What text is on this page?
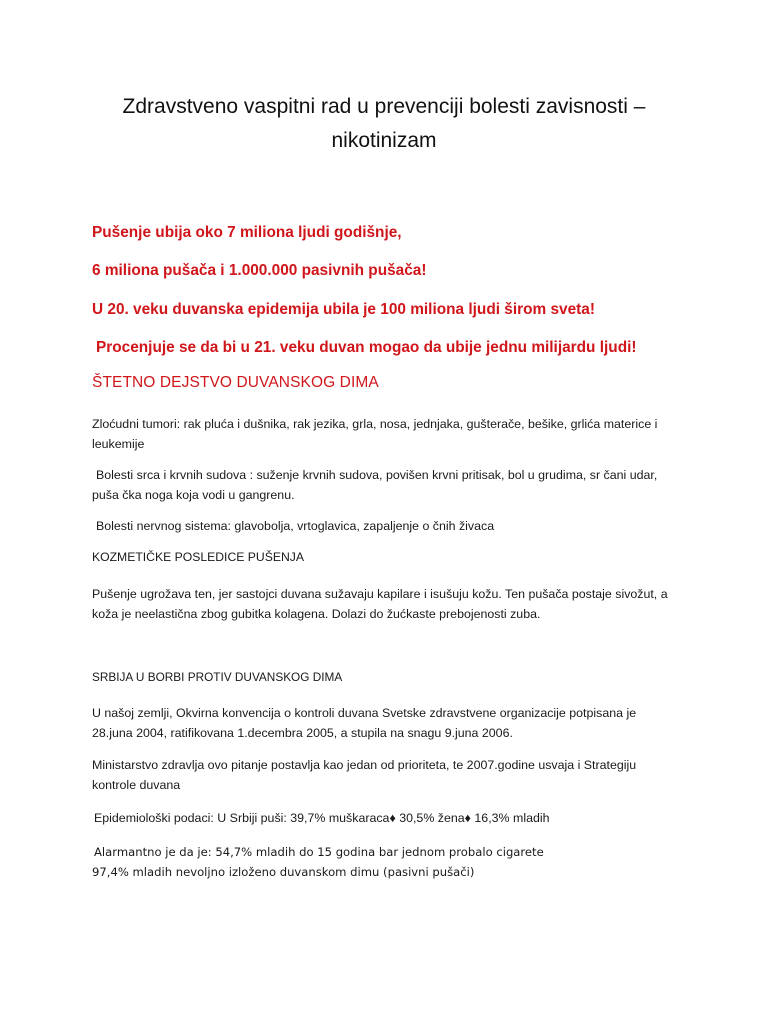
Zdravstveno vaspitni rad u prevenciji bolesti zavisnosti –
nikotinizam

Pušenje ubija oko 7 miliona ljudi godišnje,

6 miliona pušača i 1.000.000 pasivnih pušača!

U 20. veku duvanska epidemija ubila je 100 miliona ljudi širom sveta!

Procenjuje se da bi u 21. veku duvan mogao da ubije jednu milijardu ljudi!

ŠTETNO DEJSTVO DUVANSKOG DIMA

Zloćudni tumori: rak pluća i dušnika, rak jezika, grla, nosa, jednjaka, gušterače, bešike, grlića materice i
leukemije
Bolesti srca i krvnih sudova : suženje krvnih sudova, povišen krvni pritisak, bol u grudima, sr čani udar,
puša čka noga koja vodi u gangrenu.
Bolesti nervnog sistema: glavobolja, vrtoglavica, zapaljenje o čnih živaca

KOZMETIČKE POSLEDICE PUŠENJA

Pušenje ugrožava ten, jer sastojci duvana sužavaju kapilare i isušuju kožu. Ten pušača postaje sivožut, a
koža je neelastična zbog gubitka kolagena. Dolazi do žućkaste prebojenosti zuba.

SRBIJA U BORBI PROTIV DUVANSKOG DIMA

U našoj zemlji, Okvirna konvencija o kontroli duvana Svetske zdravstvene organizacije potpisana je
28.juna 2004, ratifikovana 1.decembra 2005, a stupila na snagu 9.juna 2006.
Ministarstvo zdravlja ovo pitanje postavlja kao jedan od prioriteta, te 2007.godine usvaja i Strategiju
kontrole duvana
Epidemiološki podaci: U Srbiji puši: 39,7% muškaraca♦ 30,5% žena♦ 16,3% mladih
Alarmantno je da je: 54,7% mladih do 15 godina bar jednom probalo cigarete
97,4% mladih nevoljno izloženo duvanskom dimu (pasivni pušači)
